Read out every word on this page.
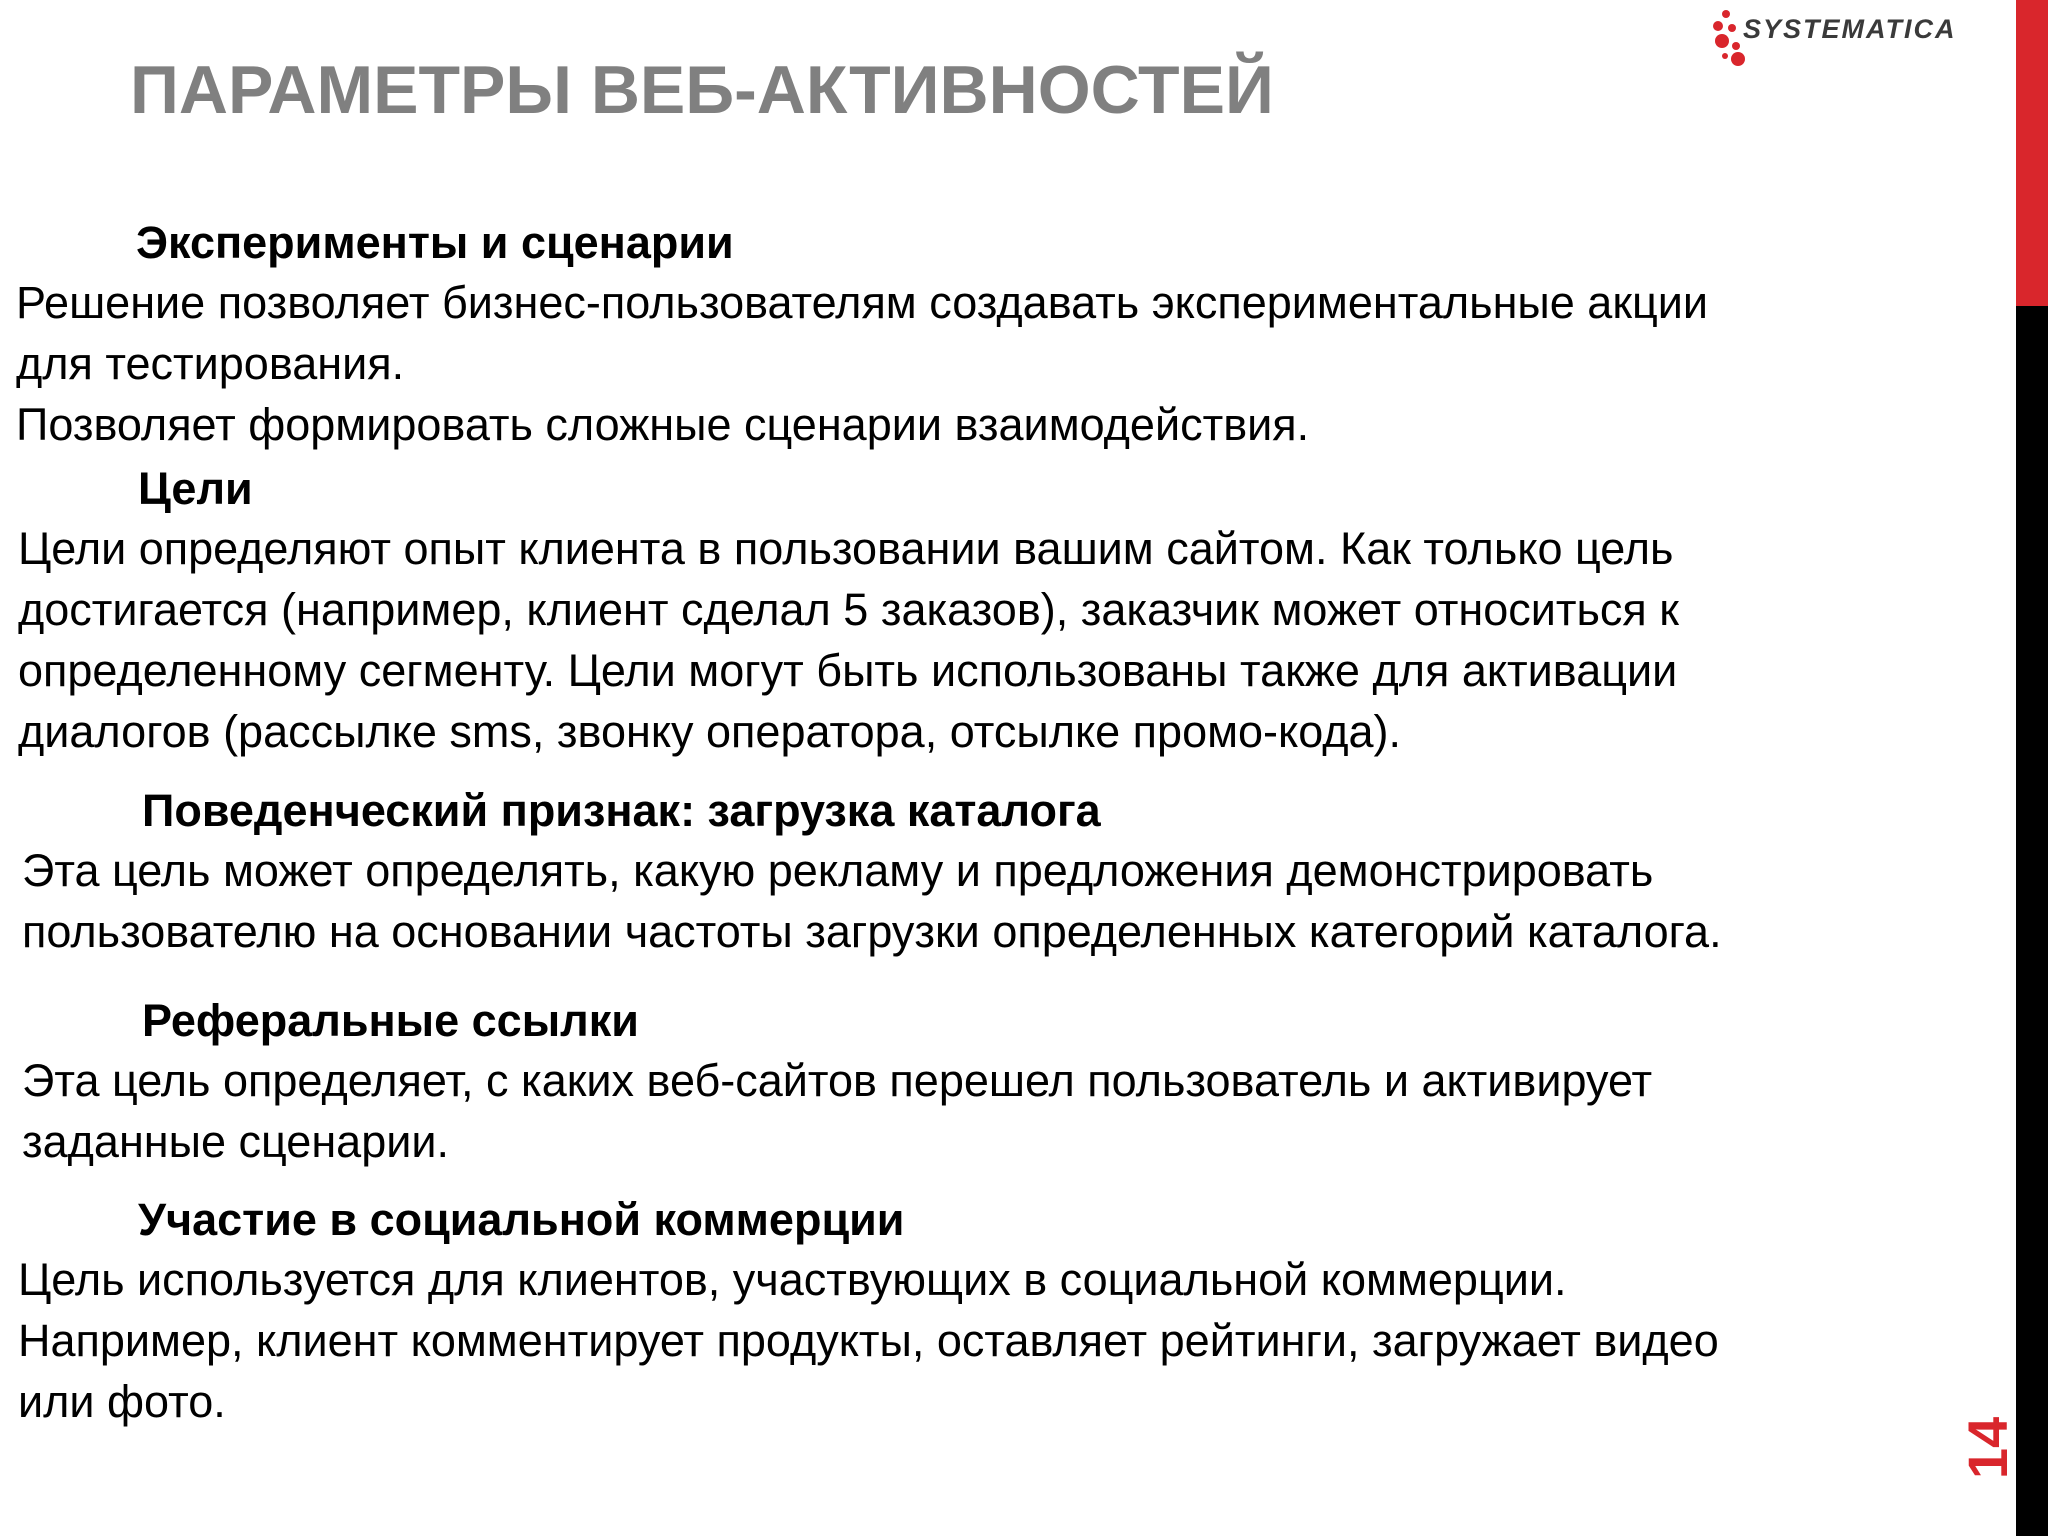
ПАРАМЕТРЫ ВЕБ-АКТИВНОСТЕЙ
SYSTEMATICA
14
Эксперименты и сценарии

Решение позволяет бизнес-пользователям создавать экспериментальные акции
для тестирования.
Позволяет формировать сложные сценарии взаимодействия.

Цели

Цели определяют опыт клиента в пользовании вашим сайтом. Как только цель
достигается (например, клиент сделал 5 заказов), заказчик может относиться к
определенному сегменту. Цели могут быть использованы также для активации
диалогов (рассылке sms, звонку оператора, отсылке промо-кода).

Поведенческий признак: загрузка каталога

Эта цель может определять, какую рекламу и предложения демонстрировать
пользователю на основании частоты загрузки определенных категорий каталога.

Реферальные ссылки

Эта цель определяет, с каких веб-сайтов перешел пользователь и активирует
заданные сценарии.

Участие в социальной коммерции

Цель используется для клиентов, участвующих в социальной коммерции.
Например, клиент комментирует продукты, оставляет рейтинги, загружает видео
или фото.
